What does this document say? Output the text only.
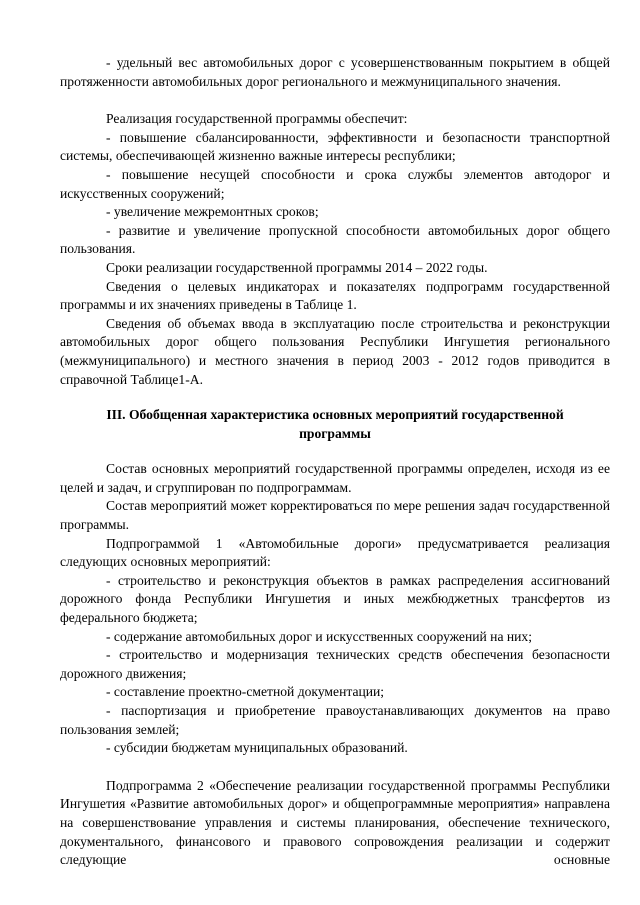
- удельный вес автомобильных дорог с усовершенствованным покрытием в общей протяженности автомобильных дорог регионального и межмуниципального значения.

Реализация государственной программы обеспечит:

- повышение сбалансированности, эффективности и безопасности транспортной системы, обеспечивающей жизненно важные интересы республики;

- повышение несущей способности и срока службы элементов автодорог и искусственных сооружений;

- увеличение межремонтных сроков;

- развитие и увеличение пропускной способности автомобильных дорог общего пользования.

Сроки реализации государственной программы 2014 – 2022 годы.

Сведения о целевых индикаторах и показателях подпрограмм государственной программы и их значениях приведены в Таблице 1.

Сведения об объемах ввода в эксплуатацию после строительства и реконструкции автомобильных дорог общего пользования Республики Ингушетия регионального (межмуниципального) и местного значения в период 2003 - 2012 годов приводится в справочной Таблице1-А.

III. Обобщенная характеристика основных мероприятий государственной программы

Состав основных мероприятий государственной программы определен, исходя из ее целей и задач, и сгруппирован по подпрограммам.

Состав мероприятий может корректироваться по мере решения задач государственной программы.

Подпрограммой 1 «Автомобильные дороги» предусматривается реализация следующих основных мероприятий:

- строительство и реконструкция объектов в рамках распределения ассигнований дорожного фонда Республики Ингушетия и иных межбюджетных трансфертов из федерального бюджета;

- содержание автомобильных дорог и искусственных сооружений на них;

- строительство и модернизация технических средств обеспечения безопасности дорожного движения;

- составление проектно-сметной документации;

- паспортизация и приобретение правоустанавливающих документов на право пользования землей;

- субсидии бюджетам муниципальных образований.

Подпрограмма 2 «Обеспечение реализации государственной программы Республики Ингушетия «Развитие автомобильных дорог» и общепрограммные мероприятия» направлена на совершенствование управления и системы планирования, обеспечение технического, документального, финансового и правового сопровождения реализации и содержит следующие основные
